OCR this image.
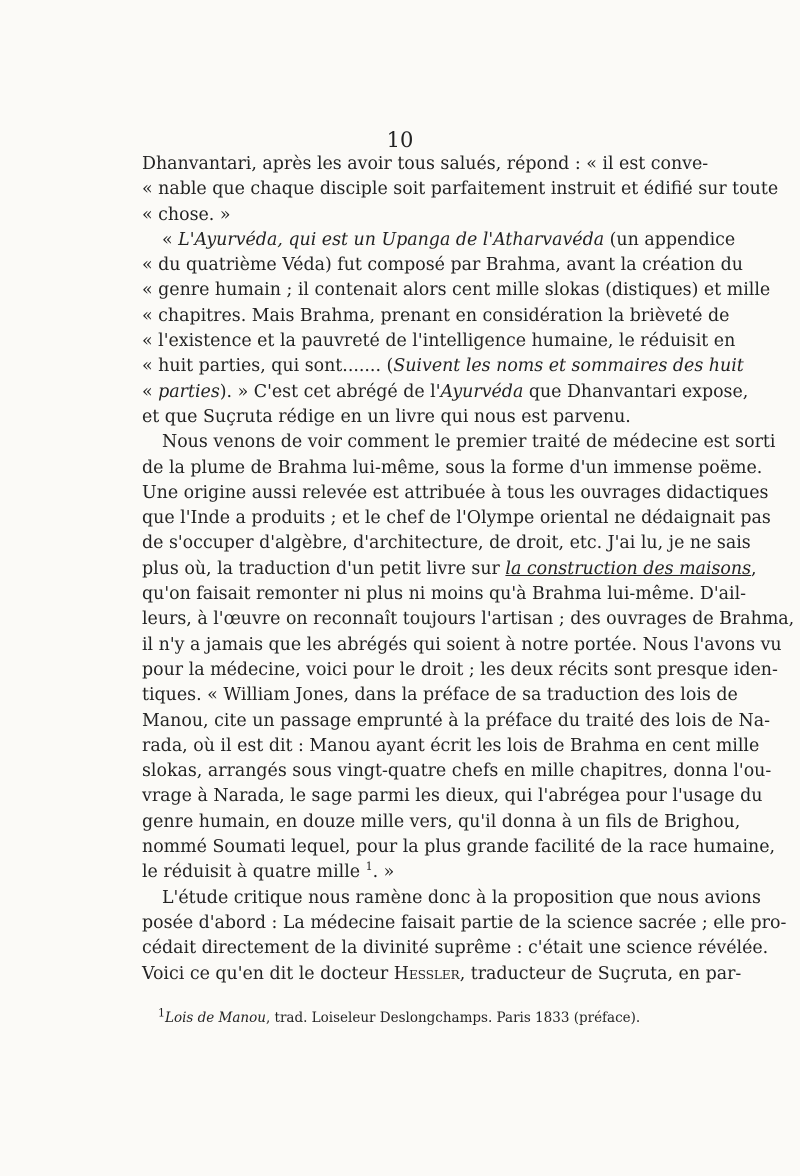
10
Dhanvantari, après les avoir tous salués, répond : « il est conve-
« nable que chaque disciple soit parfaitement instruit et édifié sur toute
« chose. »
« L'Ayurvéda, qui est un Upanga de l'Atharvavéda (un appendice
« du quatrième Véda) fut composé par Brahma, avant la création du
« genre humain ; il contenait alors cent mille slokas (distiques) et mille
« chapitres. Mais Brahma, prenant en considération la brièveté de
« l'existence et la pauvreté de l'intelligence humaine, le réduisit en
« huit parties, qui sont....... (Suivent les noms et sommaires des huit
« parties). » C'est cet abrégé de l'Ayurvéda que Dhanvantari expose,
et que Suçruta rédige en un livre qui nous est parvenu.
Nous venons de voir comment le premier traité de médecine est sorti
de la plume de Brahma lui-même, sous la forme d'un immense poëme.
Une origine aussi relevée est attribuée à tous les ouvrages didactiques
que l'Inde a produits ; et le chef de l'Olympe oriental ne dédaignait pas
de s'occuper d'algèbre, d'architecture, de droit, etc. J'ai lu, je ne sais
plus où, la traduction d'un petit livre sur la construction des maisons,
qu'on faisait remonter ni plus ni moins qu'à Brahma lui-même. D'ail-
leurs, à l'œuvre on reconnaît toujours l'artisan ; des ouvrages de Brahma,
il n'y a jamais que les abrégés qui soient à notre portée. Nous l'avons vu
pour la médecine, voici pour le droit ; les deux récits sont presque iden-
tiques. « William Jones, dans la préface de sa traduction des lois de
Manou, cite un passage emprunté à la préface du traité des lois de Na-
rada, où il est dit : Manou ayant écrit les lois de Brahma en cent mille
slokas, arrangés sous vingt-quatre chefs en mille chapitres, donna l'ou-
vrage à Narada, le sage parmi les dieux, qui l'abrégea pour l'usage du
genre humain, en douze mille vers, qu'il donna à un fils de Brighou,
nommé Soumati lequel, pour la plus grande facilité de la race humaine,
le réduisit à quatre mille $^1$. »
L'étude critique nous ramène donc à la proposition que nous avions
posée d'abord : La médecine faisait partie de la science sacrée ; elle pro-
cédait directement de la divinité suprême : c'était une science révélée.
Voici ce qu'en dit le docteur Hessler, traducteur de Suçruta, en par-
$^1$Lois de Manou, trad. Loiseleur Deslongchamps. Paris 1833 (préface).
